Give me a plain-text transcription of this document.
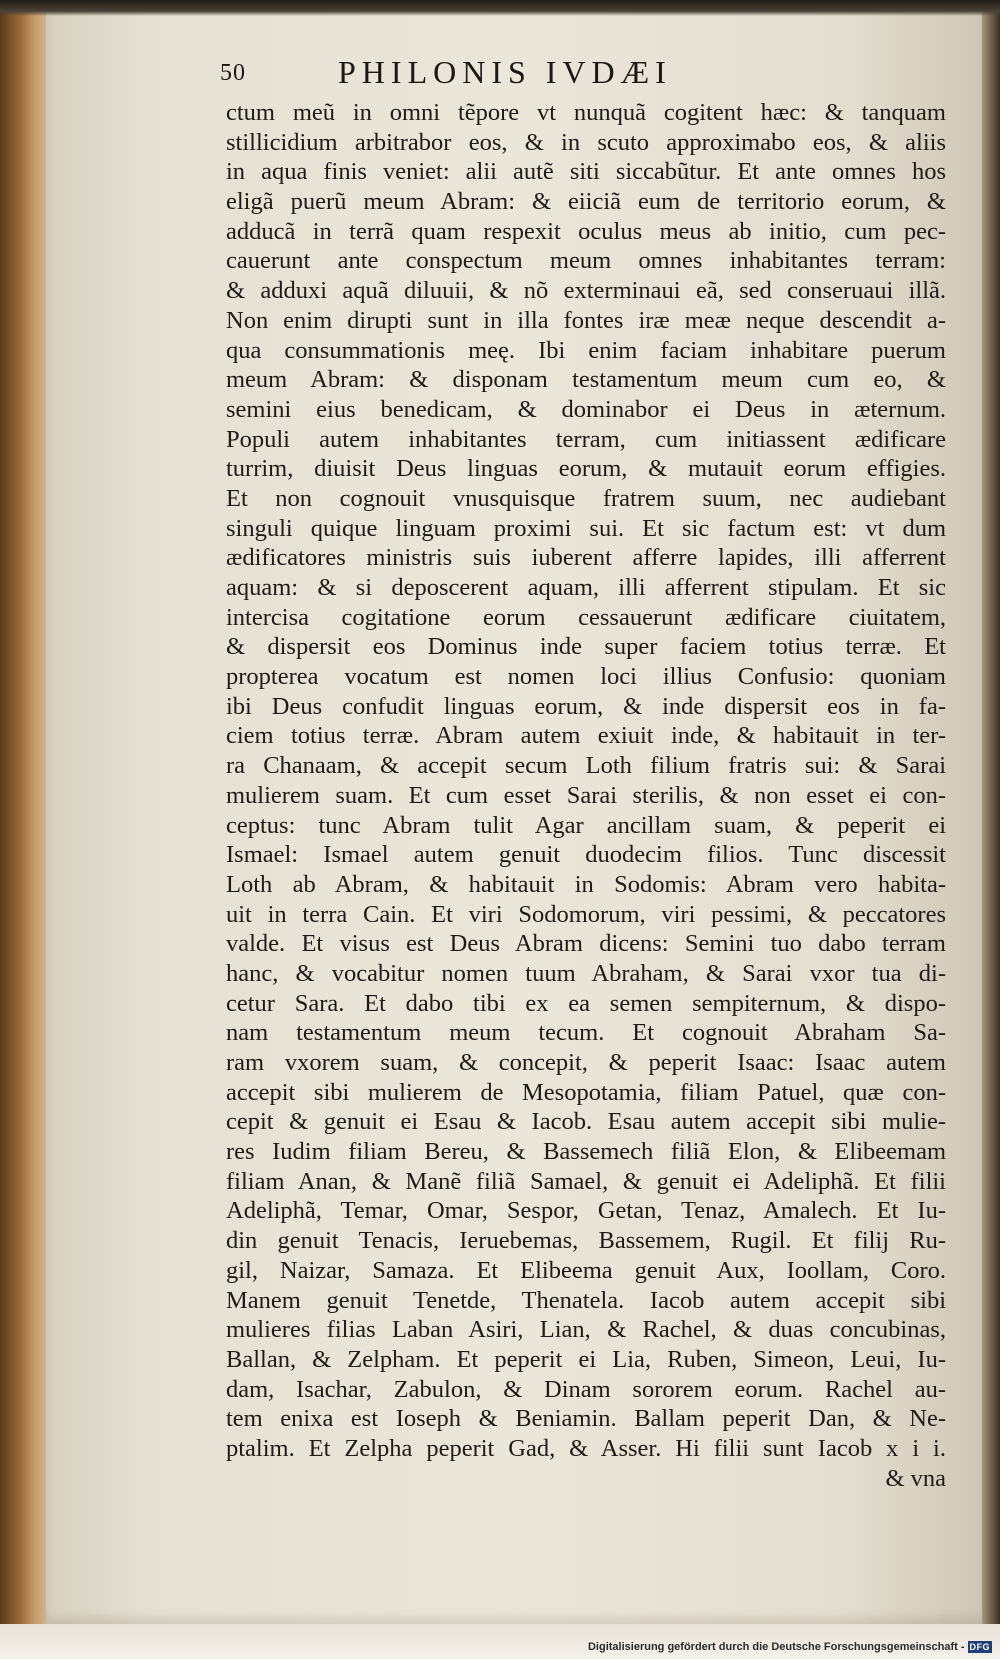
50	PHILONIS IVDÆI
ctum meũ in omni tẽpore vt nunquã cogitent hæc: & tanquam
stillicidium arbitrabor eos, & in scuto approximabo eos, & aliis
in aqua finis veniet: alii autẽ siti siccabũtur. Et ante omnes hos
eligã puerũ meum Abram: & eiiciã eum de territorio eorum, &
adducã in terrã quam respexit oculus meus ab initio, cum pec-
cauerunt ante conspectum meum omnes inhabitantes terram:
& adduxi aquã diluuii, & nõ exterminaui eã, sed conseruaui illã.
Non enim dirupti sunt in illa fontes iræ meæ neque descendit a-
qua consummationis meę. Ibi enim faciam inhabitare puerum
meum Abram: & disponam testamentum meum cum eo, &
semini eius benedicam, & dominabor ei Deus in æternum.
Populi autem inhabitantes terram, cum initiassent ædificare
turrim, diuisit Deus linguas eorum, & mutauit eorum effigies.
Et non cognouit vnusquisque fratrem suum, nec audiebant
singuli quique linguam proximi sui. Et sic factum est: vt dum
ædificatores ministris suis iuberent afferre lapides, illi afferrent
aquam: & si deposcerent aquam, illi afferrent stipulam. Et sic
intercisa cogitatione eorum cessauerunt ædificare ciuitatem,
& dispersit eos Dominus inde super faciem totius terræ. Et
propterea vocatum est nomen loci illius Confusio: quoniam
ibi Deus confudit linguas eorum, & inde dispersit eos in fa-
ciem totius terræ. Abram autem exiuit inde, & habitauit in ter-
ra Chanaam, & accepit secum Loth filium fratris sui: & Sarai
mulierem suam. Et cum esset Sarai sterilis, & non esset ei con-
ceptus: tunc Abram tulit Agar ancillam suam, & peperit ei
Ismael: Ismael autem genuit duodecim filios. Tunc discessit
Loth ab Abram, & habitauit in Sodomis: Abram vero habita-
uit in terra Cain. Et viri Sodomorum, viri pessimi, & peccatores
valde. Et visus est Deus Abram dicens: Semini tuo dabo terram
hanc, & vocabitur nomen tuum Abraham, & Sarai vxor tua di-
cetur Sara. Et dabo tibi ex ea semen sempiternum, & dispo-
nam testamentum meum tecum. Et cognouit Abraham Sa-
ram vxorem suam, & concepit, & peperit Isaac: Isaac autem
accepit sibi mulierem de Mesopotamia, filiam Patuel, quæ con-
cepit & genuit ei Esau & Iacob. Esau autem accepit sibi mulie-
res Iudim filiam Bereu, & Bassemech filiã Elon, & Elibeemam
filiam Anan, & Manẽ filiã Samael, & genuit ei Adeliphã. Et filii
Adeliphã, Temar, Omar, Sespor, Getan, Tenaz, Amalech. Et Iu-
din genuit Tenacis, Ieruebemas, Bassemem, Rugil. Et filij Ru-
gil, Naizar, Samaza. Et Elibeema genuit Aux, Ioollam, Coro.
Manem genuit Tenetde, Thenatela. Iacob autem accepit sibi
mulieres filias Laban Asiri, Lian, & Rachel, & duas concubinas,
Ballan, & Zelpham. Et peperit ei Lia, Ruben, Simeon, Leui, Iu-
dam, Isachar, Zabulon, & Dinam sororem eorum. Rachel au-
tem enixa est Ioseph & Beniamin. Ballam peperit Dan, & Ne-
ptalim. Et Zelpha peperit Gad, & Asser. Hi filii sunt Iacob x i i.
& vna
Digitalisierung gefördert durch die Deutsche Forschungsgemeinschaft - DFG
